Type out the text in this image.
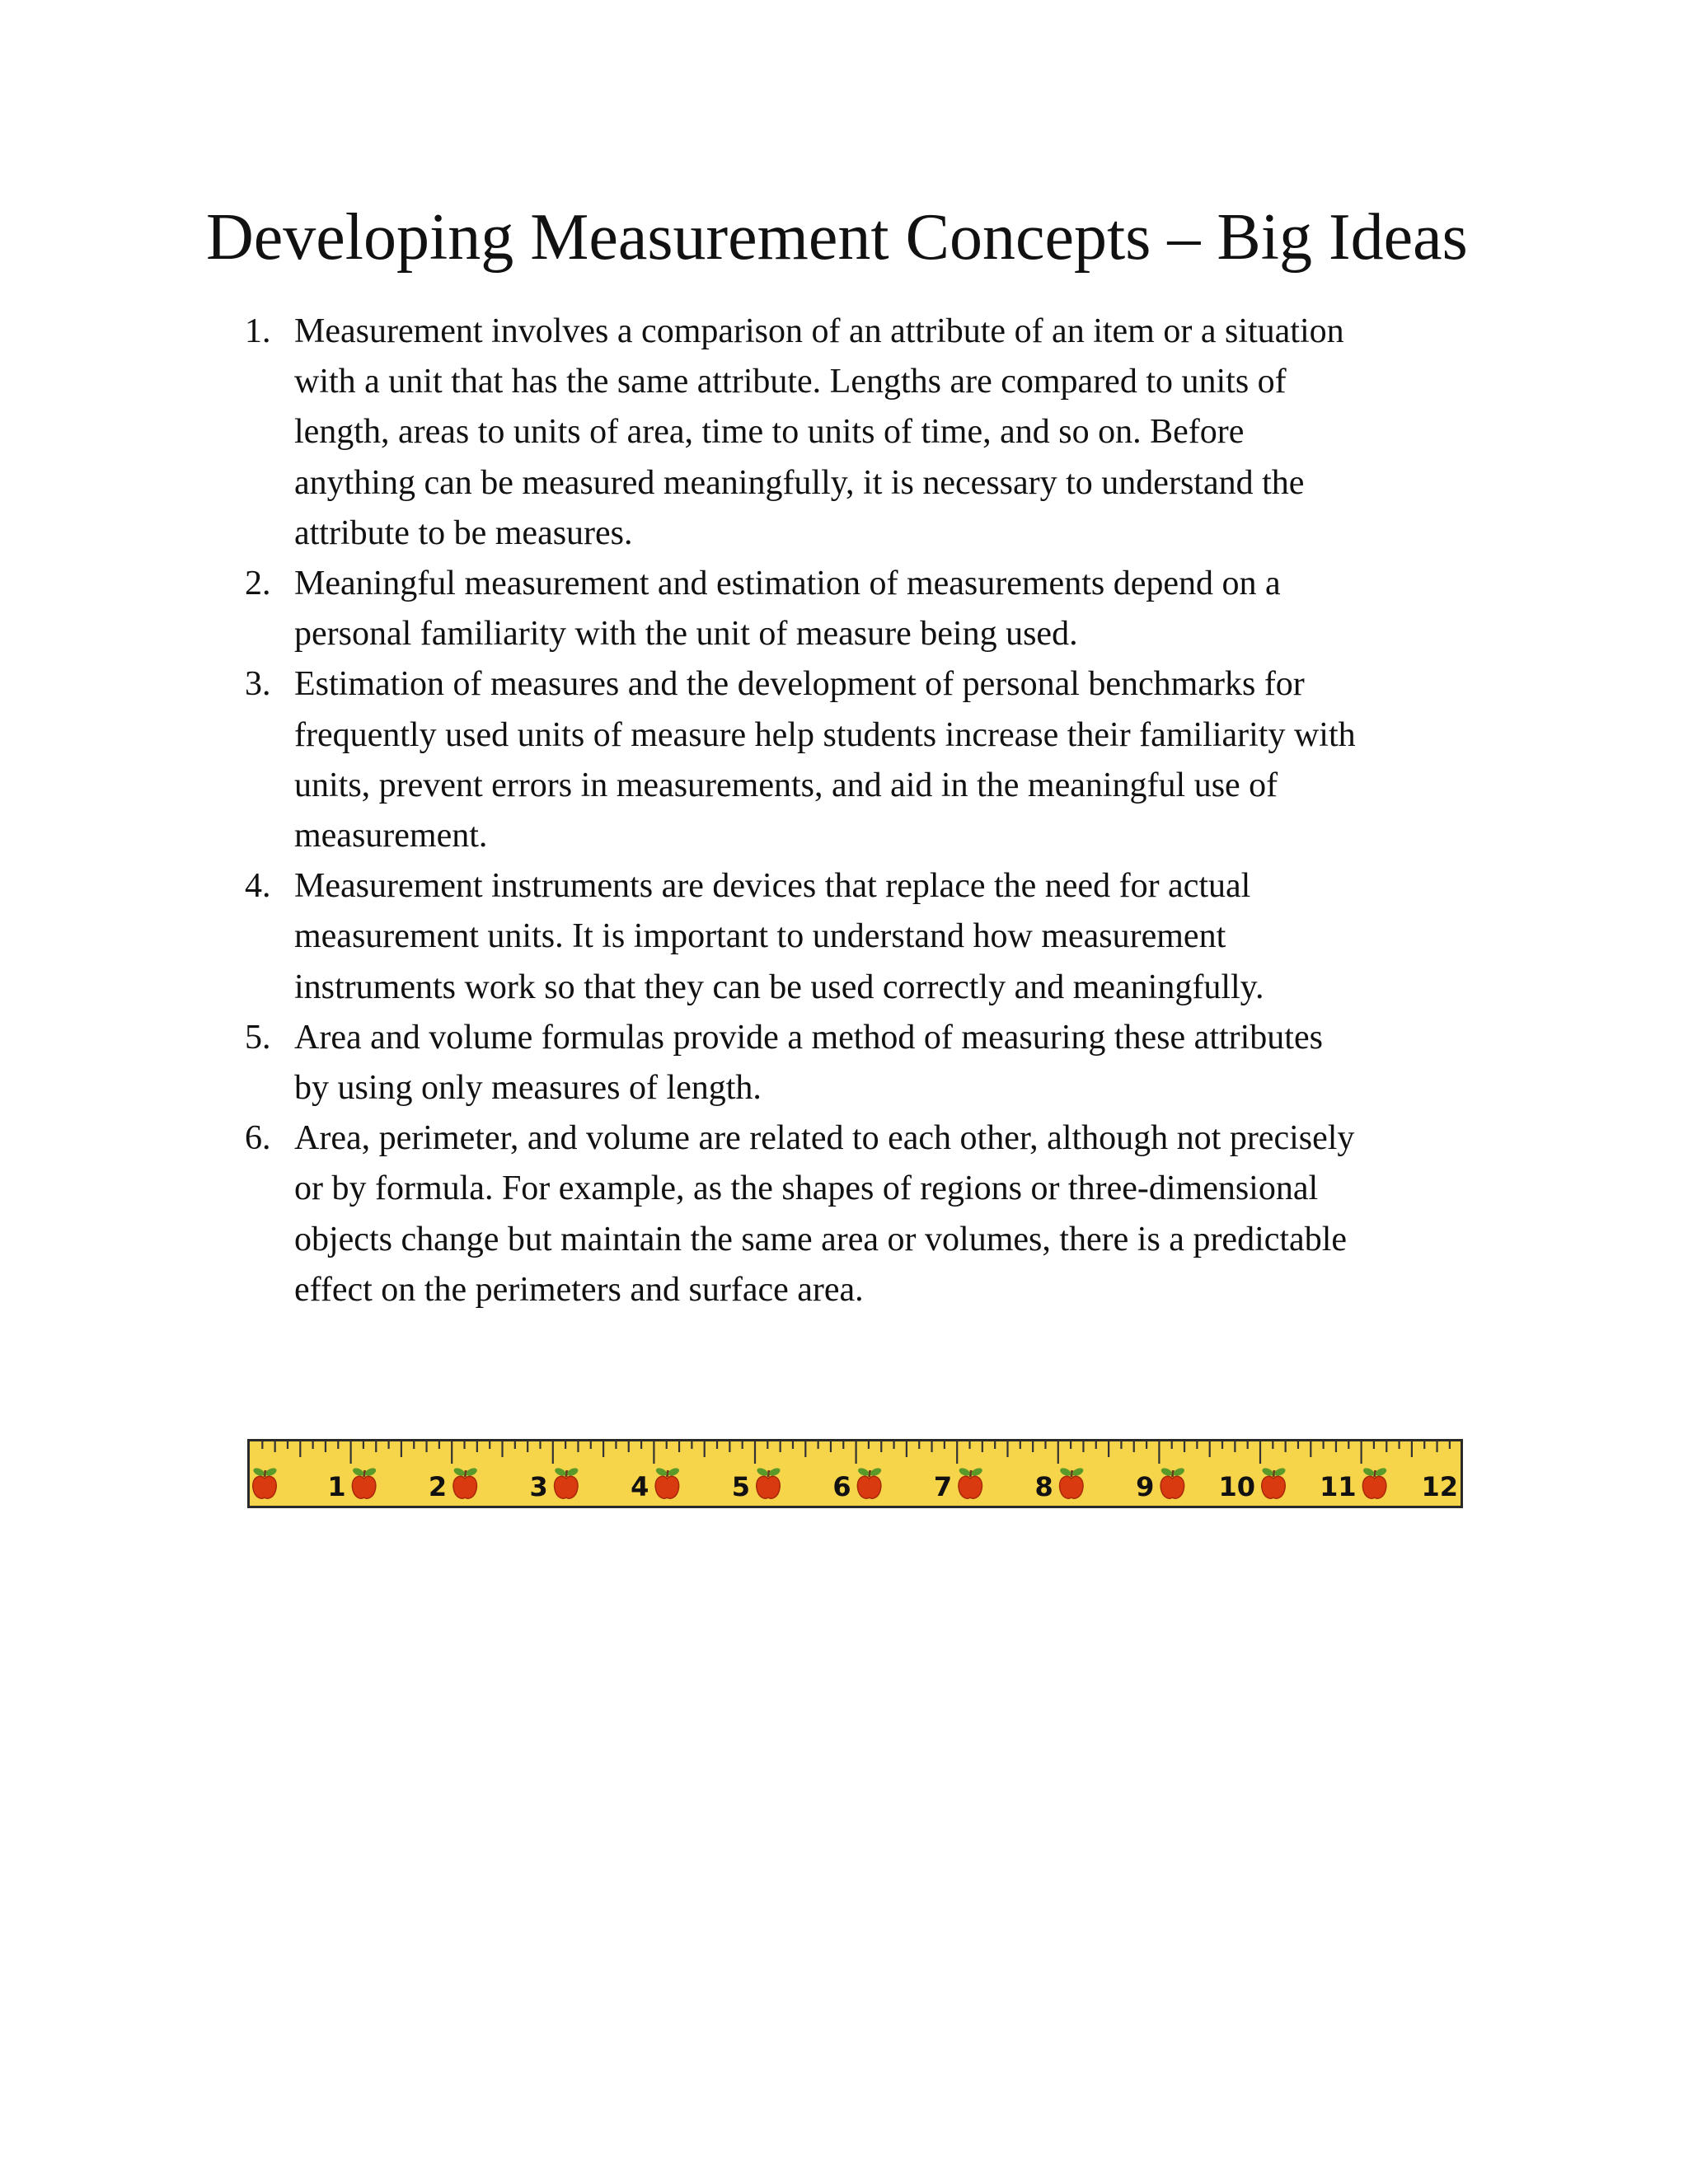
Developing Measurement Concepts – Big Ideas
1. Measurement involves a comparison of an attribute of an item or a situation
with a unit that has the same attribute. Lengths are compared to units of
length, areas to units of area, time to units of time, and so on. Before
anything can be measured meaningfully, it is necessary to understand the
attribute to be measures.
2. Meaningful measurement and estimation of measurements depend on a
personal familiarity with the unit of measure being used.
3. Estimation of measures and the development of personal benchmarks for
frequently used units of measure help students increase their familiarity with
units, prevent errors in measurements, and aid in the meaningful use of
measurement.
4. Measurement instruments are devices that replace the need for actual
measurement units. It is important to understand how measurement
instruments work so that they can be used correctly and meaningfully.
5. Area and volume formulas provide a method of measuring these attributes
by using only measures of length.
6. Area, perimeter, and volume are related to each other, although not precisely
or by formula. For example, as the shapes of regions or three-dimensional
objects change but maintain the same area or volumes, there is a predictable
effect on the perimeters and surface area.
1	2	3	4	5	6	7	8	9 10 11 12
